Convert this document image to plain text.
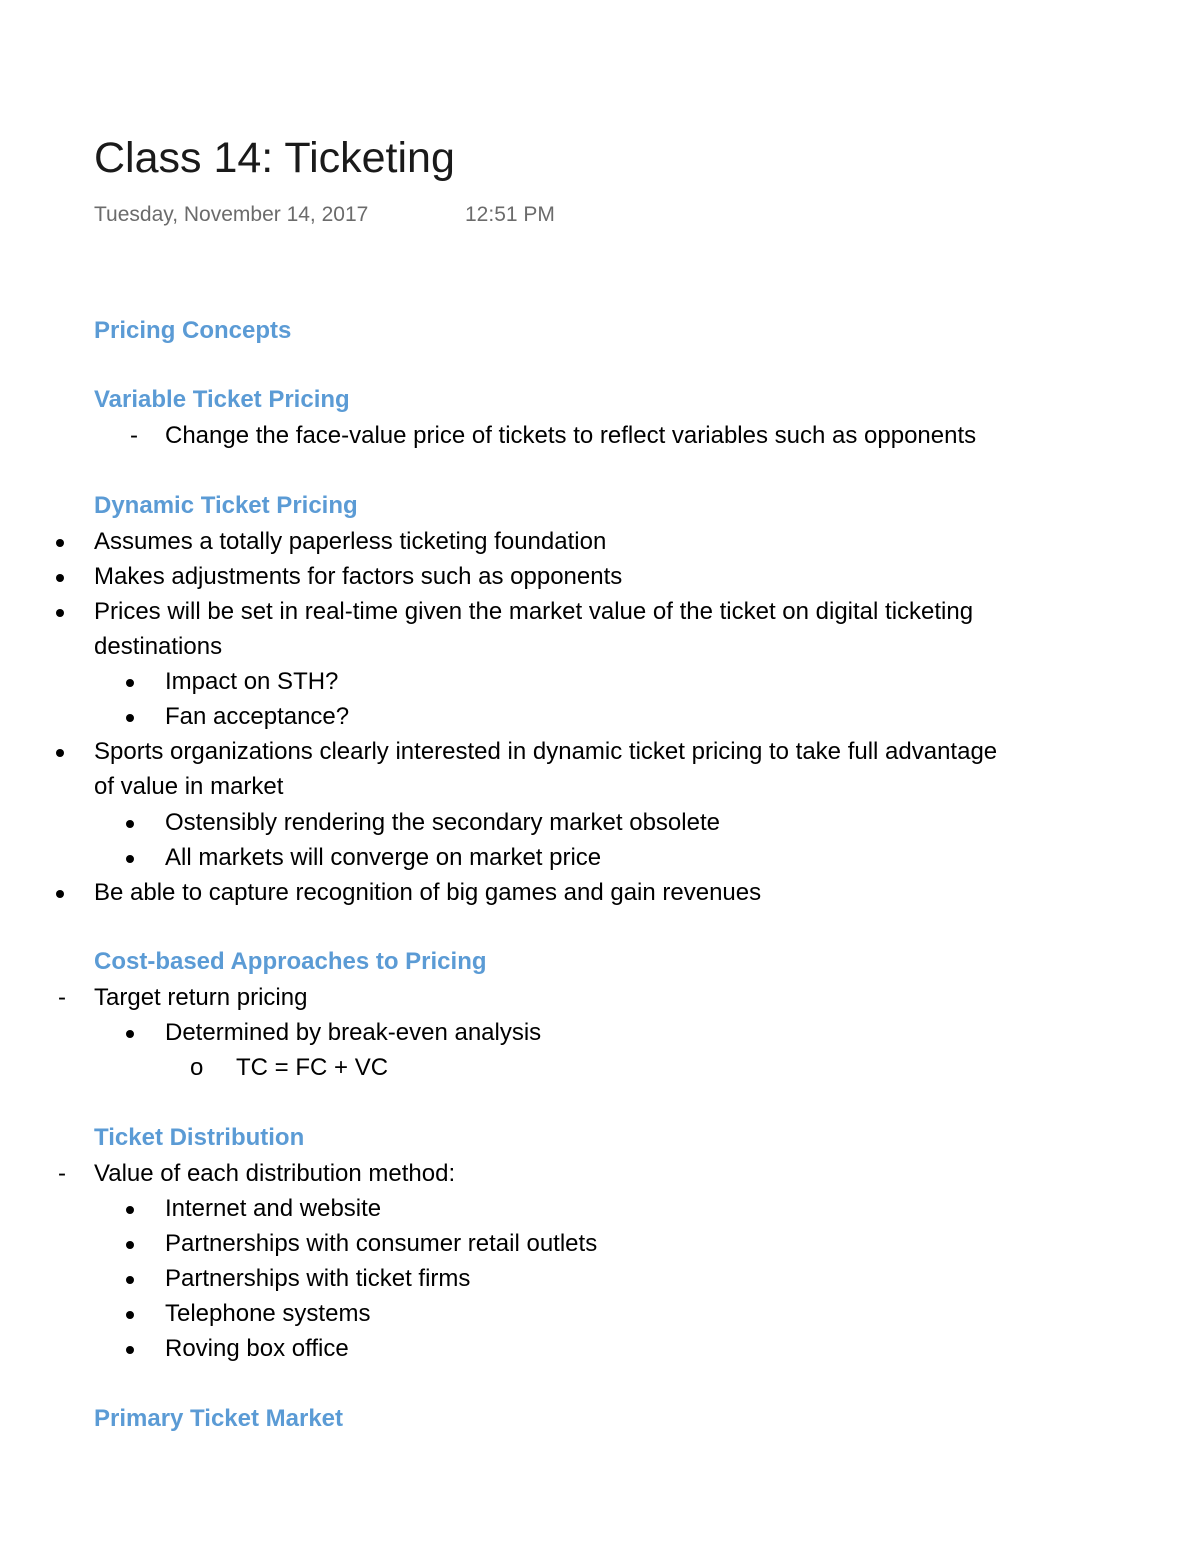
Class 14: Ticketing
Tuesday, November 14, 2017	12:51 PM
Pricing Concepts
Variable Ticket Pricing
- Change the face-value price of tickets to reflect variables such as opponents
Dynamic Ticket Pricing
Assumes a totally paperless ticketing foundation
Makes adjustments for factors such as opponents
Prices will be set in real-time given the market value of the ticket on digital ticketing
destinations
Impact on STH?
Fan acceptance?
Sports organizations clearly interested in dynamic ticket pricing to take full advantage
of value in market
Ostensibly rendering the secondary market obsolete
All markets will converge on market price
Be able to capture recognition of big games and gain revenues
Cost-based Approaches to Pricing
- Target return pricing
Determined by break-even analysis
o TC = FC + VC
Ticket Distribution
- Value of each distribution method:
Internet and website
Partnerships with consumer retail outlets
Partnerships with ticket firms
Telephone systems
Roving box office
Primary Ticket Market
